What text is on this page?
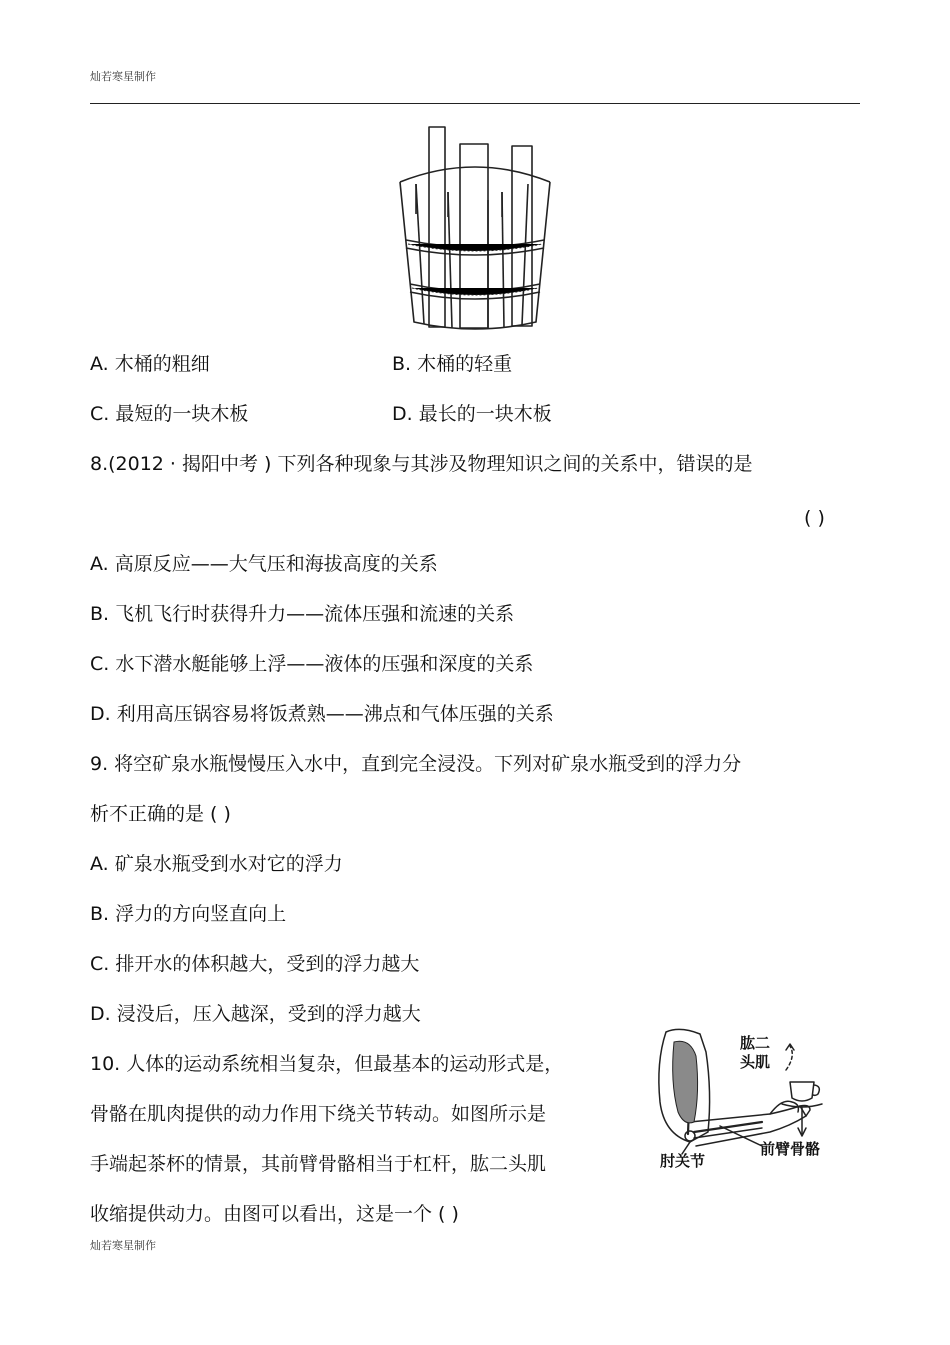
灿若寒星制作
A. 木桶的粗细	B. 木桶的轻重
C. 最短的一块木板	D. 最长的一块木板
8.(2012 · 揭阳中考 ) 下列各种现象与其涉及物理知识之间的关系中，错误的是
( )
A. 高原反应——大气压和海拔高度的关系
B. 飞机飞行时获得升力——流体压强和流速的关系
C. 水下潜水艇能够上浮——液体的压强和深度的关系
D. 利用高压锅容易将饭煮熟——沸点和气体压强的关系
9. 将空矿泉水瓶慢慢压入水中，直到完全浸没。下列对矿泉水瓶受到的浮力分
析不正确的是 ( )
A. 矿泉水瓶受到水对它的浮力
B. 浮力的方向竖直向上
C. 排开水的体积越大，受到的浮力越大
D. 浸没后，压入越深，受到的浮力越大
10. 人体的运动系统相当复杂，但最基本的运动形式是，
骨骼在肌肉提供的动力作用下绕关节转动。如图所示是
手端起茶杯的情景，其前臂骨骼相当于杠杆，肱二头肌
收缩提供动力。由图可以看出，这是一个 ( )
肱二
头肌
前臂骨骼
肘关节
灿若寒星制作
